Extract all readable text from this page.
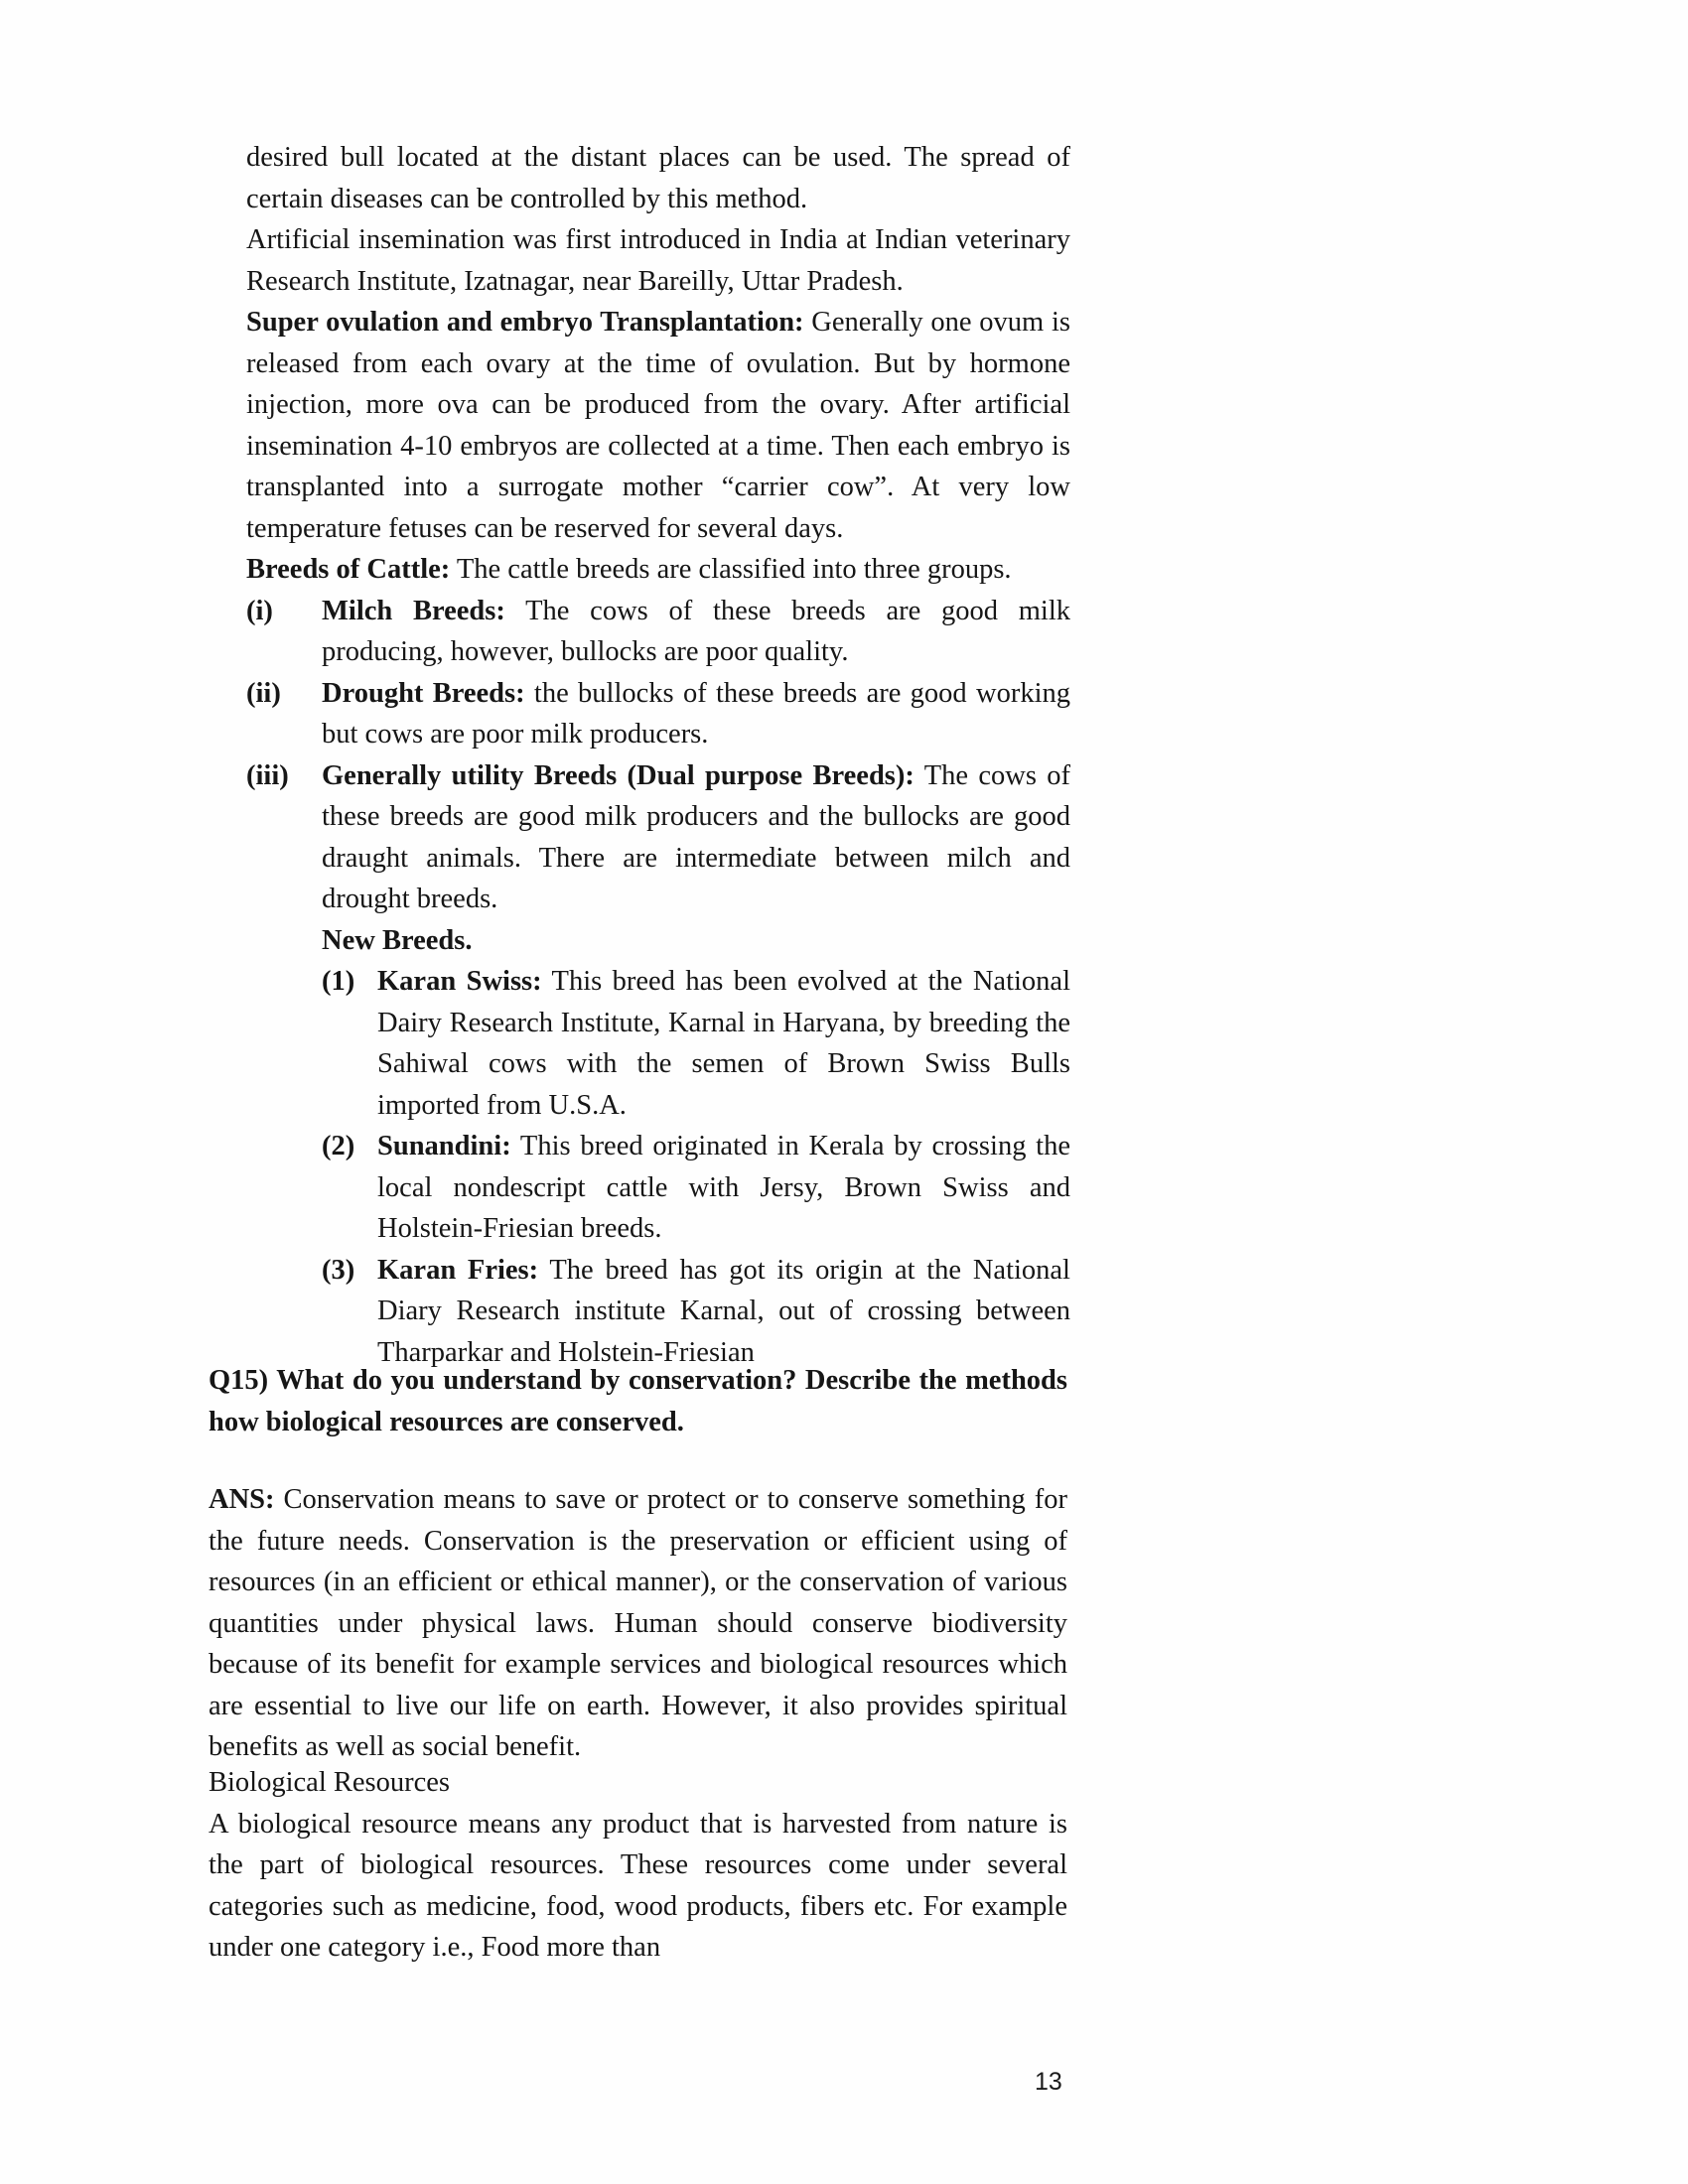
desired bull located at the distant places can be used. The spread of certain diseases can be controlled by this method.

Artificial insemination was first introduced in India at Indian veterinary Research Institute, Izatnagar, near Bareilly, Uttar Pradesh.

Super ovulation and embryo Transplantation: Generally one ovum is released from each ovary at the time of ovulation. But by hormone injection, more ova can be produced from the ovary. After artificial insemination 4-10 embryos are collected at a time. Then each embryo is transplanted into a surrogate mother “carrier cow”. At very low temperature fetuses can be reserved for several days.

Breeds of Cattle: The cattle breeds are classified into three groups.

(i) Milch Breeds: The cows of these breeds are good milk producing, however, bullocks are poor quality.
(ii) Drought Breeds: the bullocks of these breeds are good working but cows are poor milk producers.
(iii) Generally utility Breeds (Dual purpose Breeds): The cows of these breeds are good milk producers and the bullocks are good draught animals. There are intermediate between milch and drought breeds.
New Breeds.
(1) Karan Swiss: This breed has been evolved at the National Dairy Research Institute, Karnal in Haryana, by breeding the Sahiwal cows with the semen of Brown Swiss Bulls imported from U.S.A.
(2) Sunandini: This breed originated in Kerala by crossing the local nondescript cattle with Jersy, Brown Swiss and Holstein-Friesian breeds.
(3) Karan Fries: The breed has got its origin at the National Diary Research institute Karnal, out of crossing between Tharparkar and Holstein-Friesian
Q15) What do you understand by conservation? Describe the methods how biological resources are conserved.
ANS: Conservation means to save or protect or to conserve something for the future needs. Conservation is the preservation or efficient using of resources (in an efficient or ethical manner), or the conservation of various quantities under physical laws. Human should conserve biodiversity because of its benefit for example services and biological resources which are essential to live our life on earth. However, it also provides spiritual benefits as well as social benefit.
Biological Resources
A biological resource means any product that is harvested from nature is the part of biological resources. These resources come under several categories such as medicine, food, wood products, fibers etc. For example under one category i.e., Food more than
13
